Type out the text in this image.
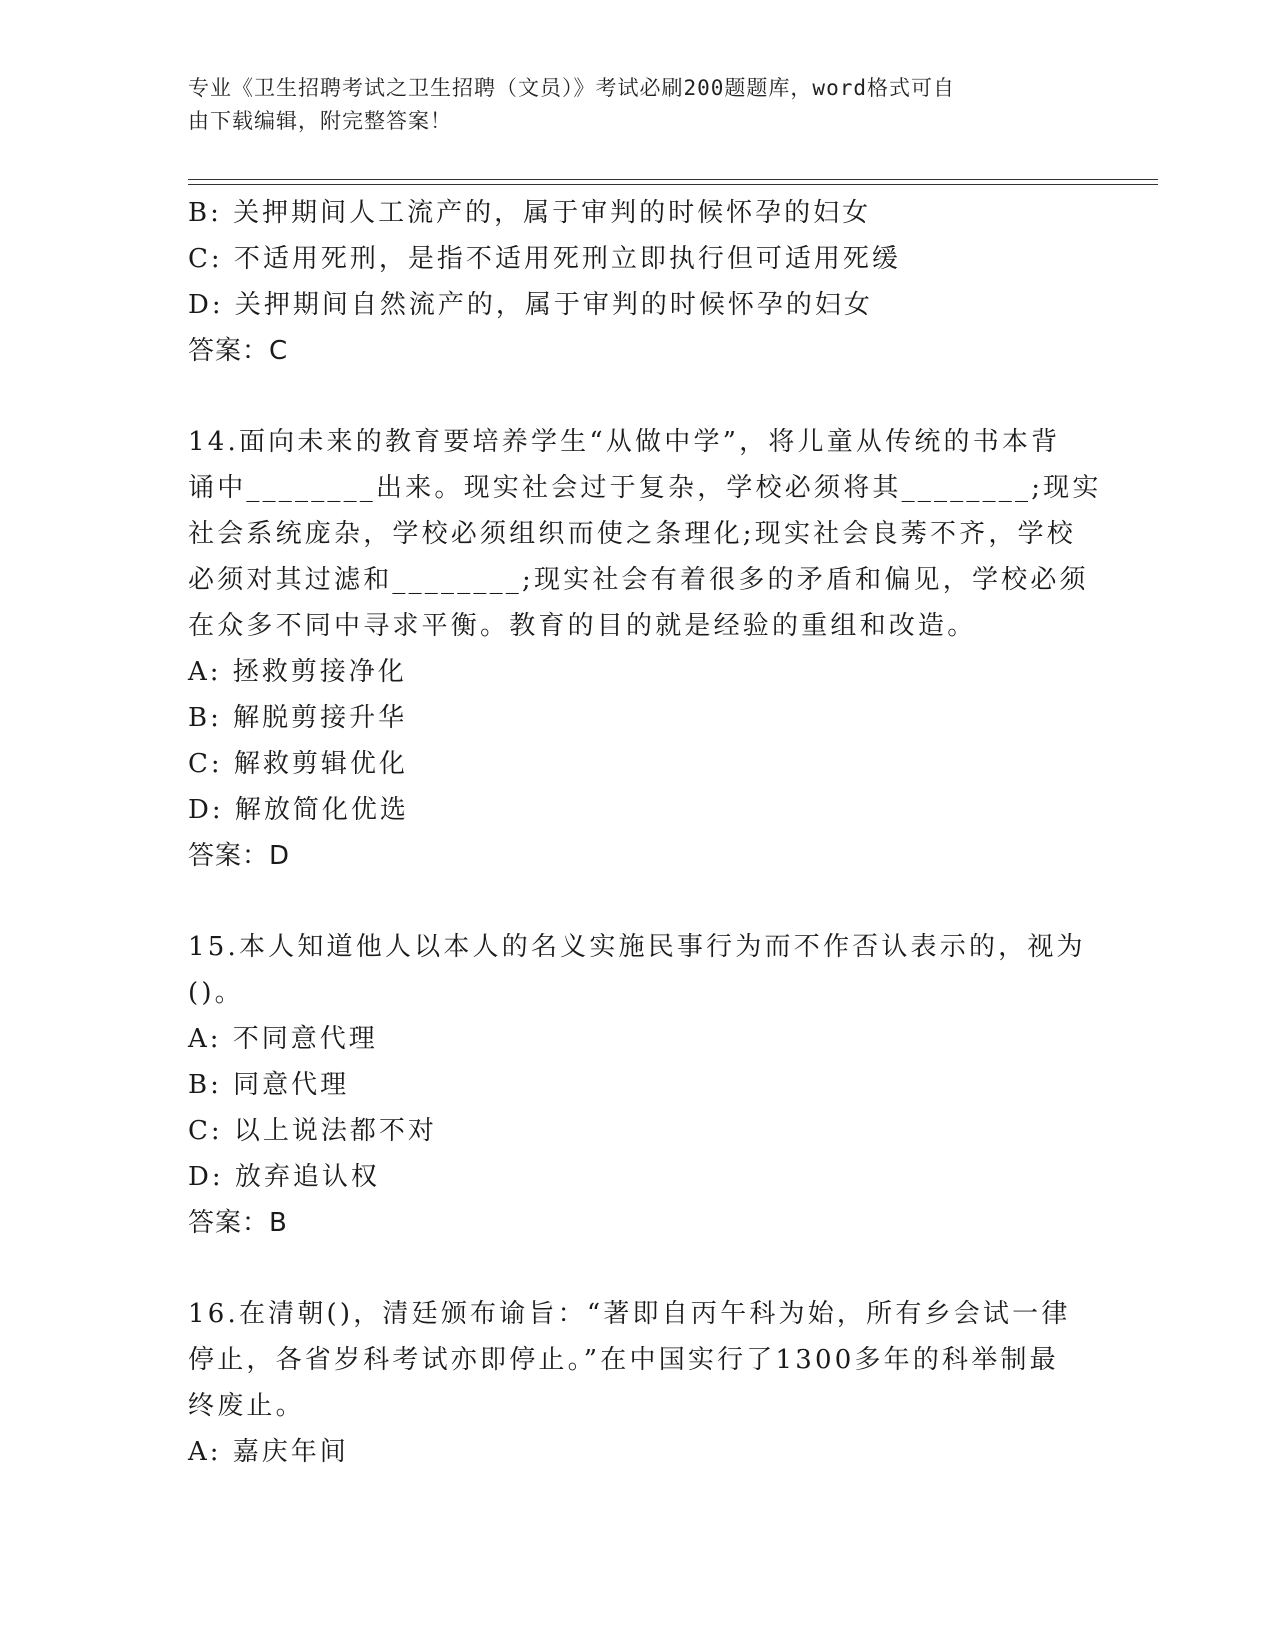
专业《卫生招聘考试之卫生招聘（文员）》考试必刷200题题库，word格式可自
由下载编辑，附完整答案！
B: 关押期间人工流产的，属于审判的时候怀孕的妇女
C: 不适用死刑，是指不适用死刑立即执行但可适用死缓
D: 关押期间自然流产的，属于审判的时候怀孕的妇女
答案：C
14.面向未来的教育要培养学生“从做中学”，将儿童从传统的书本背
诵中________出来。现实社会过于复杂，学校必须将其________;现实
社会系统庞杂，学校必须组织而使之条理化;现实社会良莠不齐，学校
必须对其过滤和________;现实社会有着很多的矛盾和偏见，学校必须
在众多不同中寻求平衡。教育的目的就是经验的重组和改造。
A: 拯救剪接净化
B: 解脱剪接升华
C: 解救剪辑优化
D: 解放简化优选
答案：D
15.本人知道他人以本人的名义实施民事行为而不作否认表示的，视为
()。
A: 不同意代理
B: 同意代理
C: 以上说法都不对
D: 放弃追认权
答案：B
16.在清朝()，清廷颁布谕旨：“著即自丙午科为始，所有乡会试一律
停止，各省岁科考试亦即停止。”在中国实行了1300多年的科举制最
终废止。
A: 嘉庆年间
